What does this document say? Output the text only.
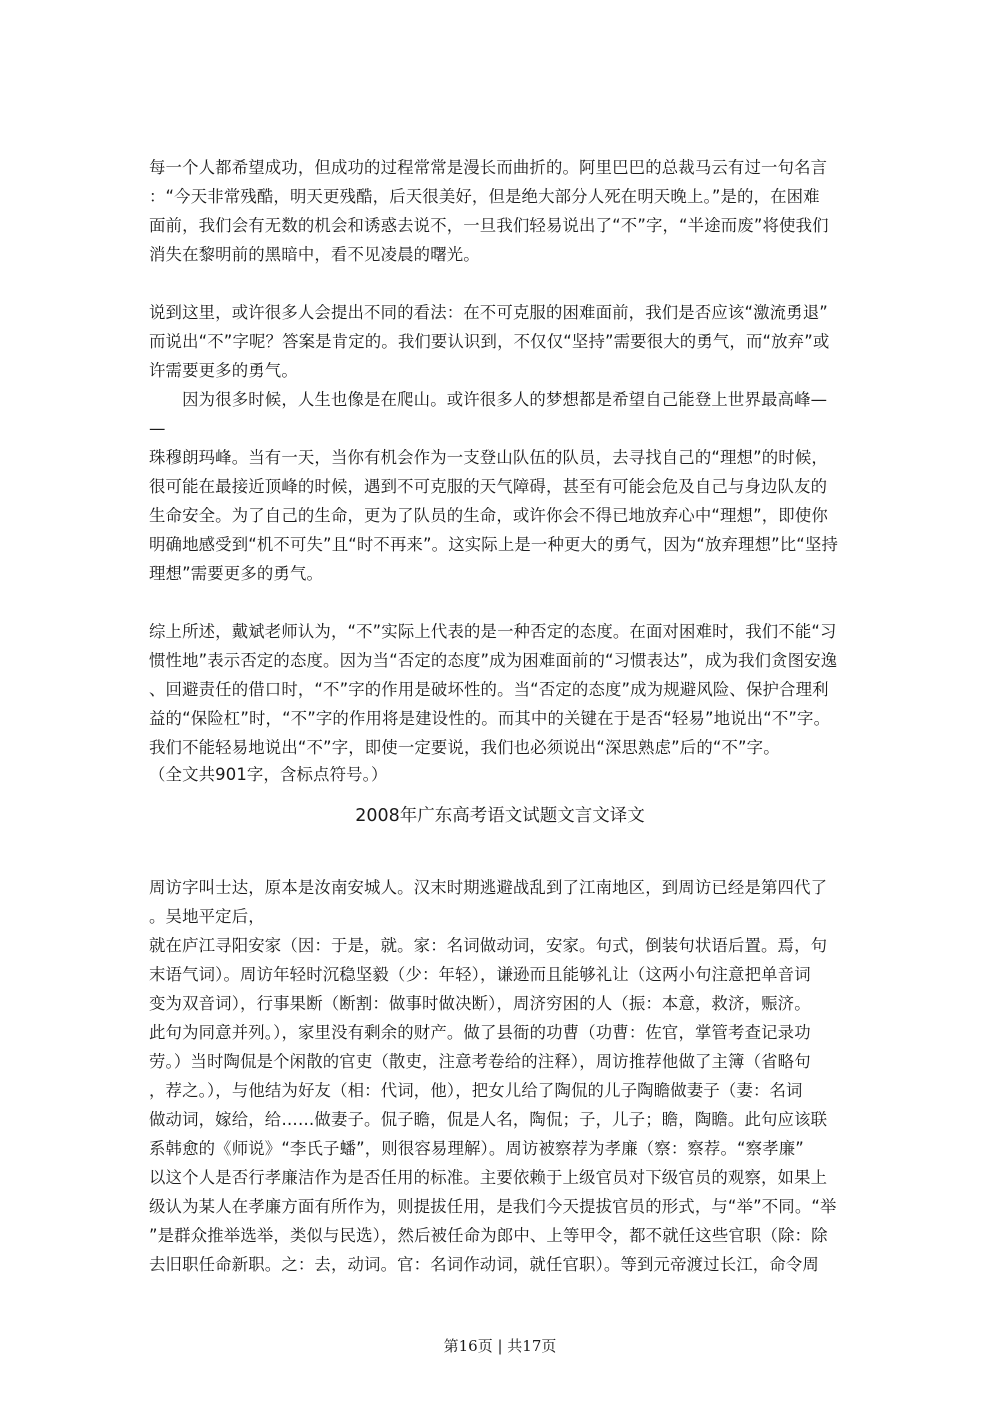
每一个人都希望成功，但成功的过程常常是漫长而曲折的。阿里巴巴的总裁马云有过一句名言
：“今天非常残酷，明天更残酷，后天很美好，但是绝大部分人死在明天晚上。”是的，在困难
面前，我们会有无数的机会和诱惑去说不，一旦我们轻易说出了“不”字，“半途而废”将使我们
消失在黎明前的黑暗中，看不见凌晨的曙光。
说到这里，或许很多人会提出不同的看法：在不可克服的困难面前，我们是否应该“激流勇退”
而说出“不”字呢？答案是肯定的。我们要认识到，不仅仅“坚持”需要很大的勇气，而“放弃”或
许需要更多的勇气。
　　因为很多时候，人生也像是在爬山。或许很多人的梦想都是希望自己能登上世界最高峰—
—
珠穆朗玛峰。当有一天，当你有机会作为一支登山队伍的队员，去寻找自己的“理想”的时候，
很可能在最接近顶峰的时候，遇到不可克服的天气障碍，甚至有可能会危及自己与身边队友的
生命安全。为了自己的生命，更为了队员的生命，或许你会不得已地放弃心中“理想”，即使你
明确地感受到“机不可失”且“时不再来”。这实际上是一种更大的勇气，因为“放弃理想”比“坚持
理想”需要更多的勇气。
综上所述，戴斌老师认为，“不”实际上代表的是一种否定的态度。在面对困难时，我们不能“习
惯性地”表示否定的态度。因为当“否定的态度”成为困难面前的“习惯表达”，成为我们贪图安逸
、回避责任的借口时，“不”字的作用是破坏性的。当“否定的态度”成为规避风险、保护合理利
益的“保险杠”时，“不”字的作用将是建设性的。而其中的关键在于是否“轻易”地说出“不”字。
我们不能轻易地说出“不”字，即使一定要说，我们也必须说出“深思熟虑”后的“不”字。
（全文共901字，含标点符号。）
2008年广东高考语文试题文言文译文
周访字叫士达，原本是汝南安城人。汉末时期逃避战乱到了江南地区，到周访已经是第四代了
。吴地平定后，
就在庐江寻阳安家（因：于是，就。家：名词做动词，安家。句式，倒装句状语后置。焉，句
末语气词）。周访年轻时沉稳坚毅（少：年轻），谦逊而且能够礼让（这两小句注意把单音词
变为双音词），行事果断（断割：做事时做决断），周济穷困的人（振：本意，救济，赈济。
此句为同意并列。），家里没有剩余的财产。做了县衙的功曹（功曹：佐官，掌管考查记录功
劳。）当时陶侃是个闲散的官吏（散吏，注意考卷给的注释），周访推荐他做了主簿（省略句
，荐之。），与他结为好友（相：代词，他），把女儿给了陶侃的儿子陶瞻做妻子（妻：名词
做动词，嫁给，给……做妻子。侃子瞻，侃是人名，陶侃；子，儿子；瞻，陶瞻。此句应该联
系韩愈的《师说》“李氏子蟠”，则很容易理解）。周访被察荐为孝廉（察：察荐。“察孝廉”
以这个人是否行孝廉洁作为是否任用的标准。主要依赖于上级官员对下级官员的观察，如果上
级认为某人在孝廉方面有所作为，则提拔任用，是我们今天提拔官员的形式，与“举”不同。“举
”是群众推举选举，类似与民选），然后被任命为郎中、上等甲令，都不就任这些官职（除：除
去旧职任命新职。之：去，动词。官：名词作动词，就任官职）。等到元帝渡过长江，命令周
第16页 | 共17页
